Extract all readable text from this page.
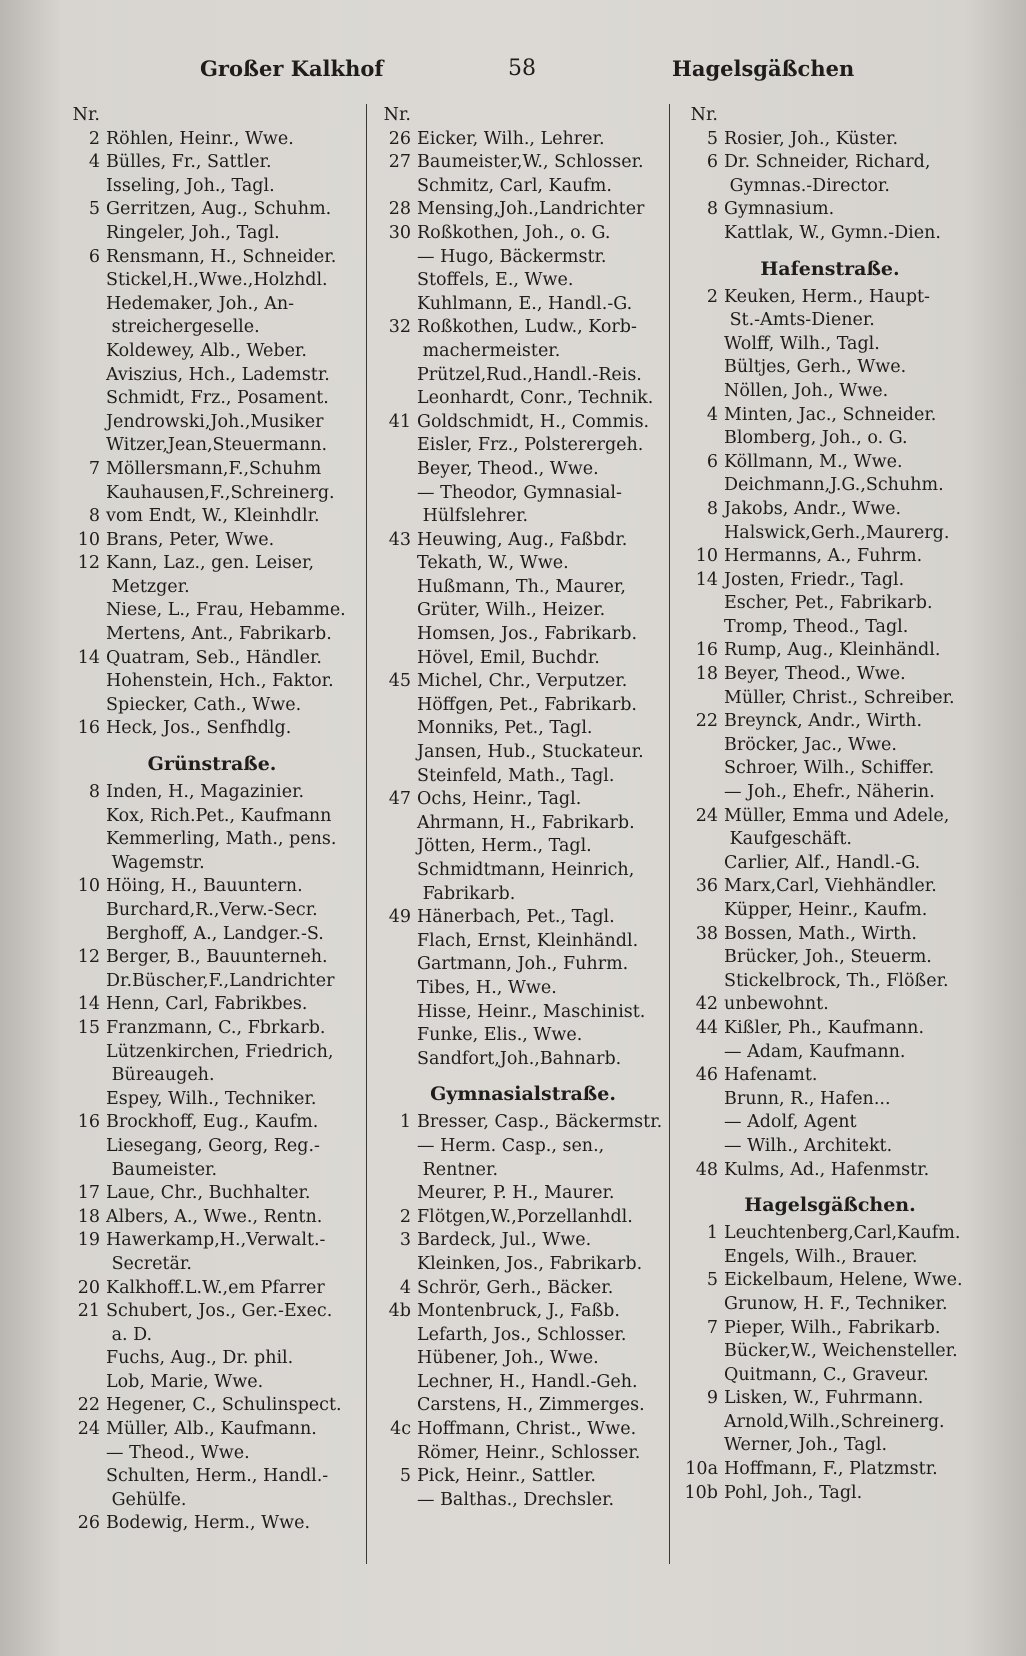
Großer Kalkhof	58	Hagelsgäßchen
Nr.
2 Röhlen, Heinr., Wwe.
4 Bülles, Fr., Sattler.
Isseling, Joh., Tagl.
5 Gerritzen, Aug., Schuhm.
Ringeler, Joh., Tagl.
6 Rensmann, H., Schneider.
Stickel,H.,Wwe.,Holzhdl.
Hedemaker, Joh., An-
streichergeselle.
Koldewey, Alb., Weber.
Aviszius, Hch., Lademstr.
Schmidt, Frz., Posament.
Jendrowski,Joh.,Musiker
Witzer,Jean,Steuermann.
7 Möllersmann,F.,Schuhm
Kauhausen,F.,Schreinerg.
8 vom Endt, W., Kleinhdlr.
10 Brans, Peter, Wwe.
12 Kann, Laz., gen. Leiser,
Metzger.
Niese, L., Frau, Hebamme.
Mertens, Ant., Fabrikarb.
14 Quatram, Seb., Händler.
Hohenstein, Hch., Faktor.
Spiecker, Cath., Wwe.
16 Heck, Jos., Senfhdlg.
Grünstraße.
8 Inden, H., Magazinier.
Kox, Rich.Pet., Kaufmann
Kemmerling, Math., pens.
Wagemstr.
10 Höing, H., Bauuntern.
Burchard,R.,Verw.-Secr.
Berghoff, A., Landger.-S.
12 Berger, B., Bauunterneh.
Dr.Büscher,F.,Landrichter
14 Henn, Carl, Fabrikbes.
15 Franzmann, C., Fbrkarb.
Lützenkirchen, Friedrich,
Büreaugeh.
Espey, Wilh., Techniker.
16 Brockhoff, Eug., Kaufm.
Liesegang, Georg, Reg.-
Baumeister.
17 Laue, Chr., Buchhalter.
18 Albers, A., Wwe., Rentn.
19 Hawerkamp,H.,Verwalt.-
Secretär.
20 Kalkhoff.L.W.,em Pfarrer
21 Schubert, Jos., Ger.-Exec.
a. D.
Fuchs, Aug., Dr. phil.
Lob, Marie, Wwe.
22 Hegener, C., Schulinspect.
24 Müller, Alb., Kaufmann.
— Theod., Wwe.
Schulten, Herm., Handl.-
Gehülfe.
26 Bodewig, Herm., Wwe.
Nr.
26 Eicker, Wilh., Lehrer.
27 Baumeister,W., Schlosser.
Schmitz, Carl, Kaufm.
28 Mensing,Joh.,Landrichter
30 Roßkothen, Joh., o. G.
— Hugo, Bäckermstr.
Stoffels, E., Wwe.
Kuhlmann, E., Handl.-G.
32 Roßkothen, Ludw., Korb-
machermeister.
Prützel,Rud.,Handl.-Reis.
Leonhardt, Conr., Technik.
41 Goldschmidt, H., Commis.
Eisler, Frz., Polsterergeh.
Beyer, Theod., Wwe.
— Theodor, Gymnasial-
Hülfslehrer.
43 Heuwing, Aug., Faßbdr.
Tekath, W., Wwe.
Hußmann, Th., Maurer,
Grüter, Wilh., Heizer.
Homsen, Jos., Fabrikarb.
Hövel, Emil, Buchdr.
45 Michel, Chr., Verputzer.
Höffgen, Pet., Fabrikarb.
Monniks, Pet., Tagl.
Jansen, Hub., Stuckateur.
Steinfeld, Math., Tagl.
47 Ochs, Heinr., Tagl.
Ahrmann, H., Fabrikarb.
Jötten, Herm., Tagl.
Schmidtmann, Heinrich,
Fabrikarb.
49 Hänerbach, Pet., Tagl.
Flach, Ernst, Kleinhändl.
Gartmann, Joh., Fuhrm.
Tibes, H., Wwe.
Hisse, Heinr., Maschinist.
Funke, Elis., Wwe.
Sandfort,Joh.,Bahnarb.
Gymnasialstraße.
1 Bresser, Casp., Bäckermstr.
— Herm. Casp., sen.,
Rentner.
Meurer, P. H., Maurer.
2 Flötgen,W.,Porzellanhdl.
3 Bardeck, Jul., Wwe.
Kleinken, Jos., Fabrikarb.
4 Schrör, Gerh., Bäcker.
4b Montenbruck, J., Faßb.
Lefarth, Jos., Schlosser.
Hübener, Joh., Wwe.
Lechner, H., Handl.-Geh.
Carstens, H., Zimmerges.
4c Hoffmann, Christ., Wwe.
Römer, Heinr., Schlosser.
5 Pick, Heinr., Sattler.
— Balthas., Drechsler.
Nr.
5 Rosier, Joh., Küster.
6 Dr. Schneider, Richard,
Gymnas.-Director.
8 Gymnasium.
Kattlak, W., Gymn.-Dien.
Hafenstraße.
2 Keuken, Herm., Haupt-
St.-Amts-Diener.
Wolff, Wilh., Tagl.
Bültjes, Gerh., Wwe.
Nöllen, Joh., Wwe.
4 Minten, Jac., Schneider.
Blomberg, Joh., o. G.
6 Köllmann, M., Wwe.
Deichmann,J.G.,Schuhm.
8 Jakobs, Andr., Wwe.
Halswick,Gerh.,Maurerg.
10 Hermanns, A., Fuhrm.
14 Josten, Friedr., Tagl.
Escher, Pet., Fabrikarb.
Tromp, Theod., Tagl.
16 Rump, Aug., Kleinhändl.
18 Beyer, Theod., Wwe.
Müller, Christ., Schreiber.
22 Breynck, Andr., Wirth.
Bröcker, Jac., Wwe.
Schroer, Wilh., Schiffer.
— Joh., Ehefr., Näherin.
24 Müller, Emma und Adele,
Kaufgeschäft.
Carlier, Alf., Handl.-G.
36 Marx,Carl, Viehhändler.
Küpper, Heinr., Kaufm.
38 Bossen, Math., Wirth.
Brücker, Joh., Steuerm.
Stickelbrock, Th., Flößer.
42 unbewohnt.
44 Kißler, Ph., Kaufmann.
— Adam, Kaufmann.
46 Hafenamt.
Brunn, R., Hafen...
— Adolf, Agent
— Wilh., Architekt.
48 Kulms, Ad., Hafenmstr.
Hagelsgäßchen.
1 Leuchtenberg,Carl,Kaufm.
Engels, Wilh., Brauer.
5 Eickelbaum, Helene, Wwe.
Grunow, H. F., Techniker.
7 Pieper, Wilh., Fabrikarb.
Bücker,W., Weichensteller.
Quitmann, C., Graveur.
9 Lisken, W., Fuhrmann.
Arnold,Wilh.,Schreinerg.
Werner, Joh., Tagl.
10a Hoffmann, F., Platzmstr.
10b Pohl, Joh., Tagl.
